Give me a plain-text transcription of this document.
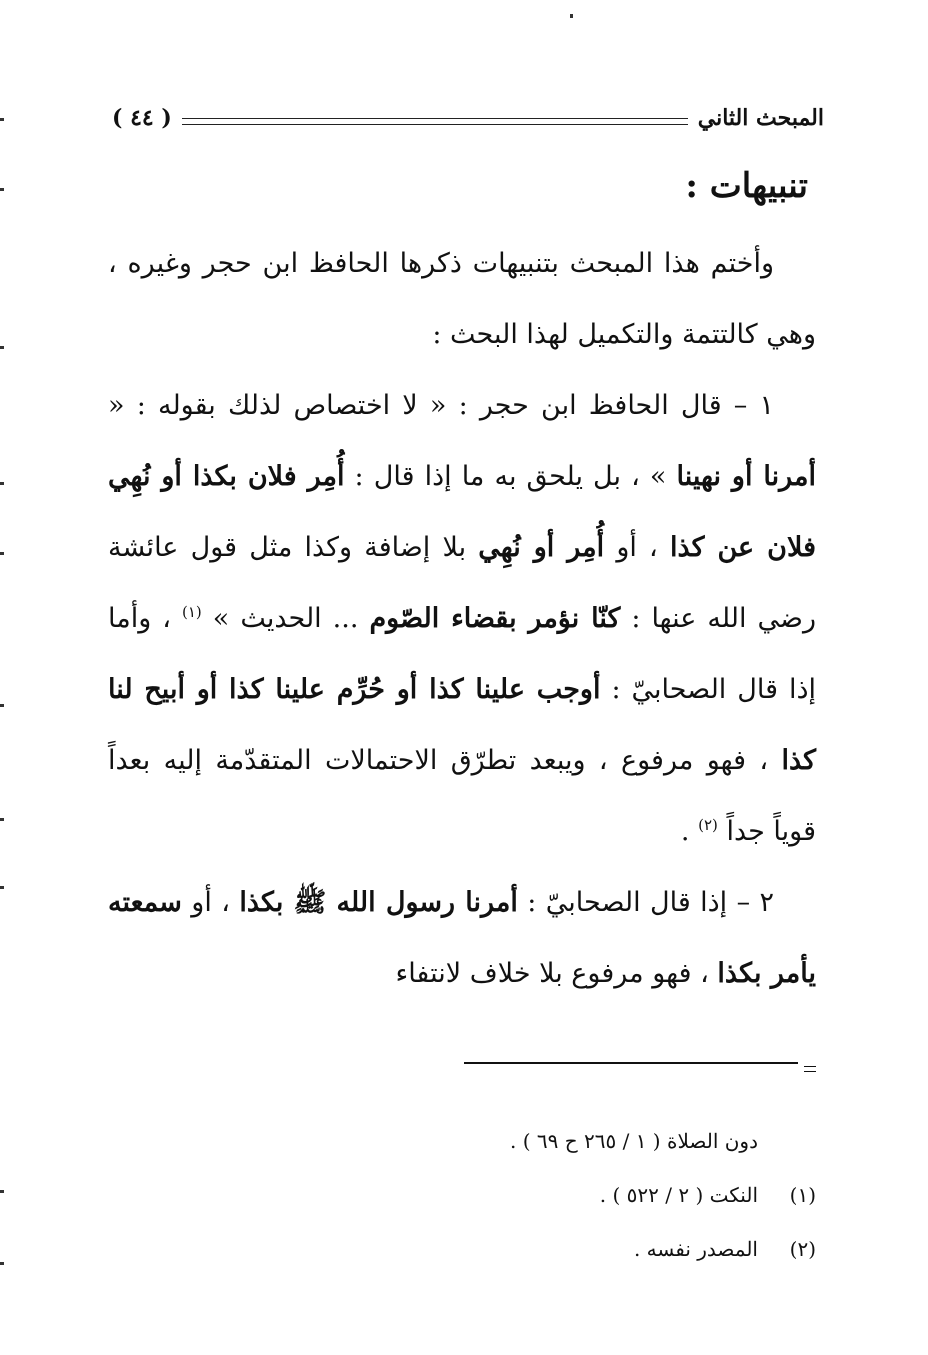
المبحث الثاني
( ٤٤ )
تنبيهات :

وأختم هذا المبحث بتنبيهات ذكرها الحافظ ابن حجر وغيره ، وهي كالتتمة والتكميل لهذا البحث :

١ – قال الحافظ ابن حجر : « لا اختصاص لذلك بقوله : « أمرنا أو نهينا » ، بل يلحق به ما إذا قال : أُمِر فلان بكذا أو نُهِي فلان عن كذا ، أو أُمِر أو نُهِي بلا إضافة وكذا مثل قول عائشة رضي الله عنها : كنّا نؤمر بقضاء الصّوم ... الحديث » $^{(١)}$ ، وأما إذا قال الصحابيّ : أوجب علينا كذا أو حُرِّم علينا كذا أو أبيح لنا كذا ، فهو مرفوع ، ويبعد تطرّق الاحتمالات المتقدّمة إليه بعداً قوياً جداً $^{(٢)}$ .

٢ – إذا قال الصحابيّ : أمرنا رسول الله ﷺ بكذا ، أو سمعته يأمر بكذا ، فهو مرفوع بلا خلاف لانتفاء

دون الصلاة ( ١ / ٢٦٥ ح ٦٩ ) .
(١)
النكت ( ٢ / ٥٢٢ ) .
(٢)
المصدر نفسه .
